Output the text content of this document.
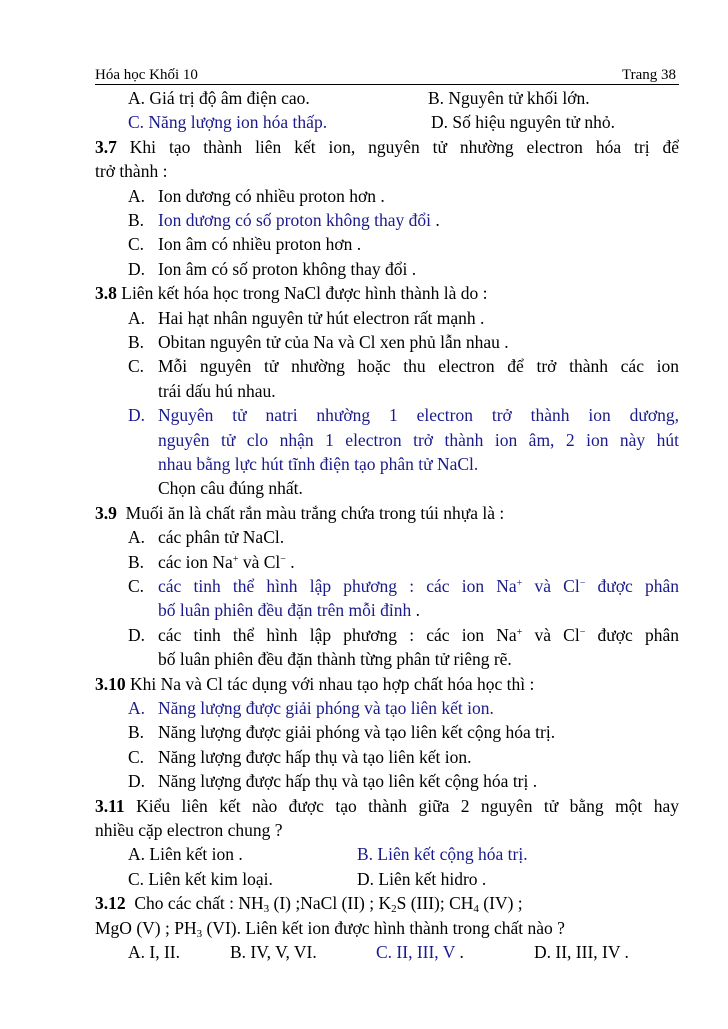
Hóa học Khối 10	Trang 38
A. Giá trị độ âm điện cao.	B. Nguyên tử khối lớn.
C. Năng lượng ion hóa thấp.	D. Số hiệu nguyên tử nhỏ.
3.7 Khi tạo thành liên kết ion, nguyên tử nhường electron hóa trị để
trở thành :
A. Ion dương có nhiều proton hơn .
B. Ion dương có số proton không thay đổi .
C. Ion âm có nhiều proton hơn .
D. Ion âm có số proton không thay đổi .
3.8 Liên kết hóa học trong NaCl được hình thành là do :
A. Hai hạt nhân nguyên tử hút electron rất mạnh .
B. Obitan nguyên tử của Na và Cl xen phủ lẫn nhau .
C. Mỗi nguyên tử nhường hoặc thu electron để trở thành các ion
trái dấu hú nhau.
D. Nguyên tử natri nhường 1 electron trở thành ion dương,
nguyên tử clo nhận 1 electron trở thành ion âm, 2 ion này hút
nhau bằng lực hút tĩnh điện tạo phân tử NaCl.
Chọn câu đúng nhất.
3.9 Muối ăn là chất rắn màu trắng chứa trong túi nhựa là :
A. các phân tử NaCl.
B. các ion Na+ và Cl− .
C. các tinh thể hình lập phương : các ion Na+ và Cl− được phân
bố luân phiên đều đặn trên mỗi đỉnh .
D. các tinh thể hình lập phương : các ion Na+ và Cl− được phân
bố luân phiên đều đặn thành từng phân tử riêng rẽ.
3.10 Khi Na và Cl tác dụng với nhau tạo hợp chất hóa học thì :
A. Năng lượng được giải phóng và tạo liên kết ion.
B. Năng lượng được giải phóng và tạo liên kết cộng hóa trị.
C. Năng lượng được hấp thụ và tạo liên kết ion.
D. Năng lượng được hấp thụ và tạo liên kết cộng hóa trị .
3.11 Kiểu liên kết nào được tạo thành giữa 2 nguyên tử bằng một hay
nhiều cặp electron chung ?
A. Liên kết ion .	B. Liên kết cộng hóa trị.
C. Liên kết kim loại.	D. Liên kết hidro .
3.12 Cho các chất : $NH_3$ (I) ;NaCl (II) ; $K_2S$ (III); $CH_4$ (IV) ;
MgO (V) ; $PH_3$ (VI). Liên kết ion được hình thành trong chất nào ?
A. I, II.	B. IV, V, VI.	C. II, III, V .	D. II, III, IV .
